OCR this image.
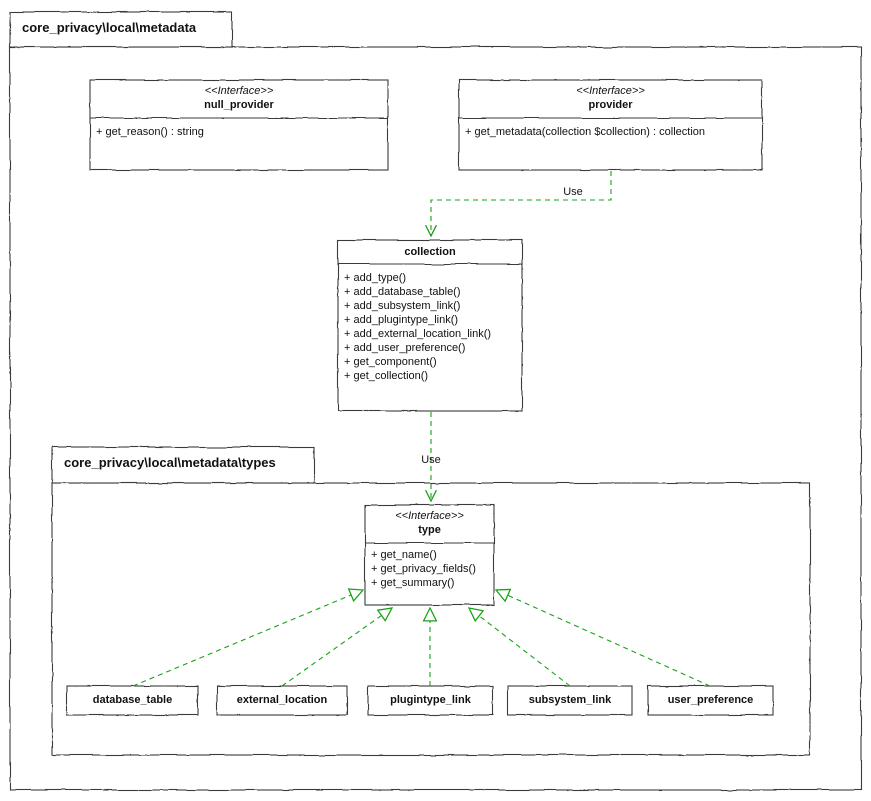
core_privacy\local\metadata
core_privacy\local\metadata\types
<<Interface>>
null_provider
+ get_reason() : string
<<Interface>>
provider
+ get_metadata(collection $collection) : collection
collection
+ add_type()
+ add_database_table()
+ add_subsystem_link()
+ add_plugintype_link()
+ add_external_location_link()
+ add_user_preference()
+ get_component()
+ get_collection()
<<Interface>>
type
+ get_name()
+ get_privacy_fields()
+ get_summary()
database_table	external_location	plugintype_link	subsystem_link	user_preference
Use
Use
